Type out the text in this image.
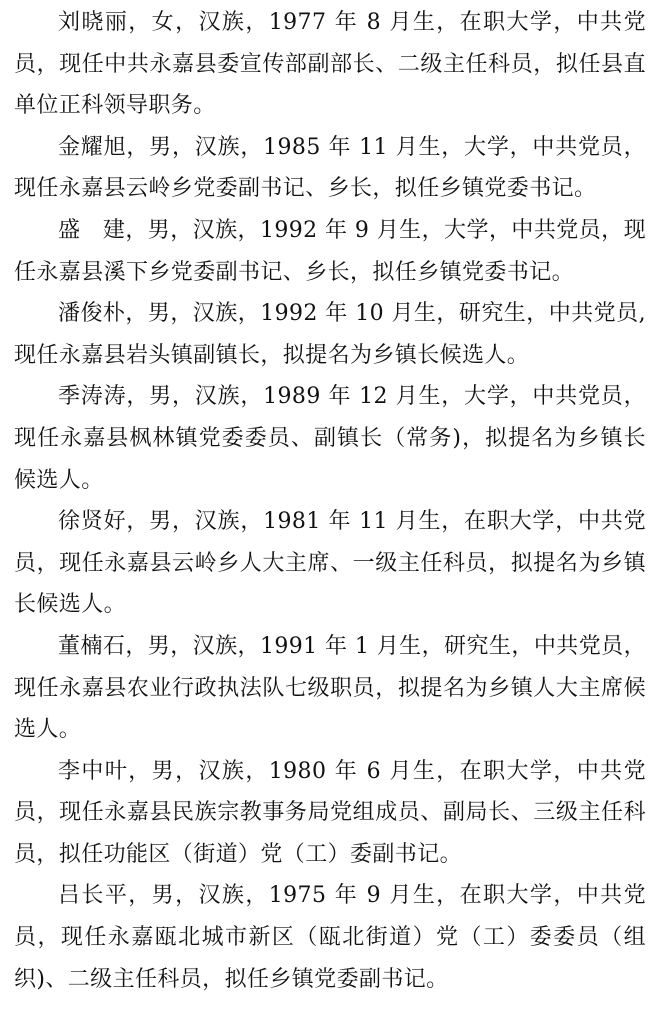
刘晓丽，女，汉族，1977 年 8 月生，在职大学，中共党员，现任中共永嘉县委宣传部副部长、二级主任科员，拟任县直单位正科领导职务。

金耀旭，男，汉族，1985 年 11 月生，大学，中共党员，现任永嘉县云岭乡党委副书记、乡长，拟任乡镇党委书记。

盛　建，男，汉族，1992 年 9 月生，大学，中共党员，现任永嘉县溪下乡党委副书记、乡长，拟任乡镇党委书记。

潘俊朴，男，汉族，1992 年 10 月生，研究生，中共党员,现任永嘉县岩头镇副镇长，拟提名为乡镇长候选人。

季涛涛，男，汉族，1989 年 12 月生，大学，中共党员，现任永嘉县枫林镇党委委员、副镇长（常务)，拟提名为乡镇长候选人。

徐贤好，男，汉族，1981 年 11 月生，在职大学，中共党员，现任永嘉县云岭乡人大主席、一级主任科员，拟提名为乡镇长候选人。

董楠石，男，汉族，1991 年 1 月生，研究生，中共党员，现任永嘉县农业行政执法队七级职员，拟提名为乡镇人大主席候选人。

李中叶，男，汉族，1980 年 6 月生，在职大学，中共党员，现任永嘉县民族宗教事务局党组成员、副局长、三级主任科员，拟任功能区（街道）党（工）委副书记。

吕长平，男，汉族，1975 年 9 月生，在职大学，中共党员，现任永嘉瓯北城市新区（瓯北街道）党（工）委委员（组织)、二级主任科员，拟任乡镇党委副书记。
